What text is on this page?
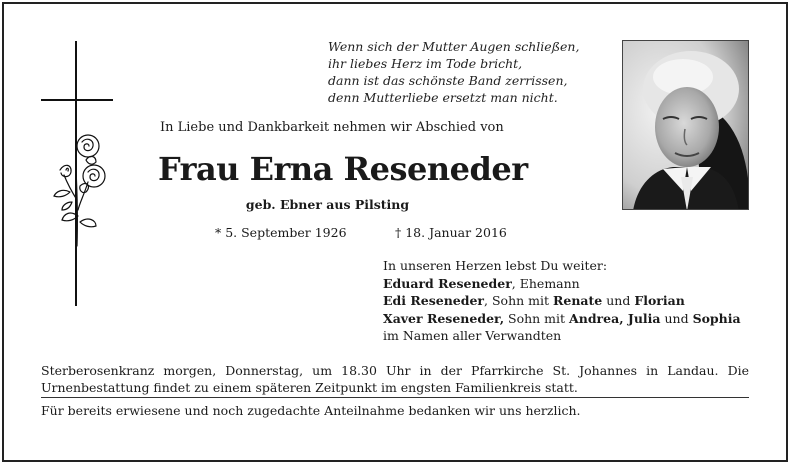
Wenn sich der Mutter Augen schließen,
ihr liebes Herz im Tode bricht,
dann ist das schönste Band zerrissen,
denn Mutterliebe ersetzt man nicht.
In Liebe und Dankbarkeit nehmen wir Abschied von
Frau Erna Reseneder
geb. Ebner aus Pilsting
* 5. September 1926	† 18. Januar 2016
In unseren Herzen lebst Du weiter:
Eduard Reseneder, Ehemann
Edi Reseneder, Sohn mit Renate und Florian
Xaver Reseneder, Sohn mit Andrea, Julia und Sophia
im Namen aller Verwandten
Sterberosenkranz morgen, Donnerstag, um 18.30 Uhr in der Pfarrkirche St. Johannes in Landau. Die Urnenbestattung findet zu einem späteren Zeitpunkt im engsten Familienkreis statt.
Für bereits erwiesene und noch zugedachte Anteilnahme bedanken wir uns herzlich.
